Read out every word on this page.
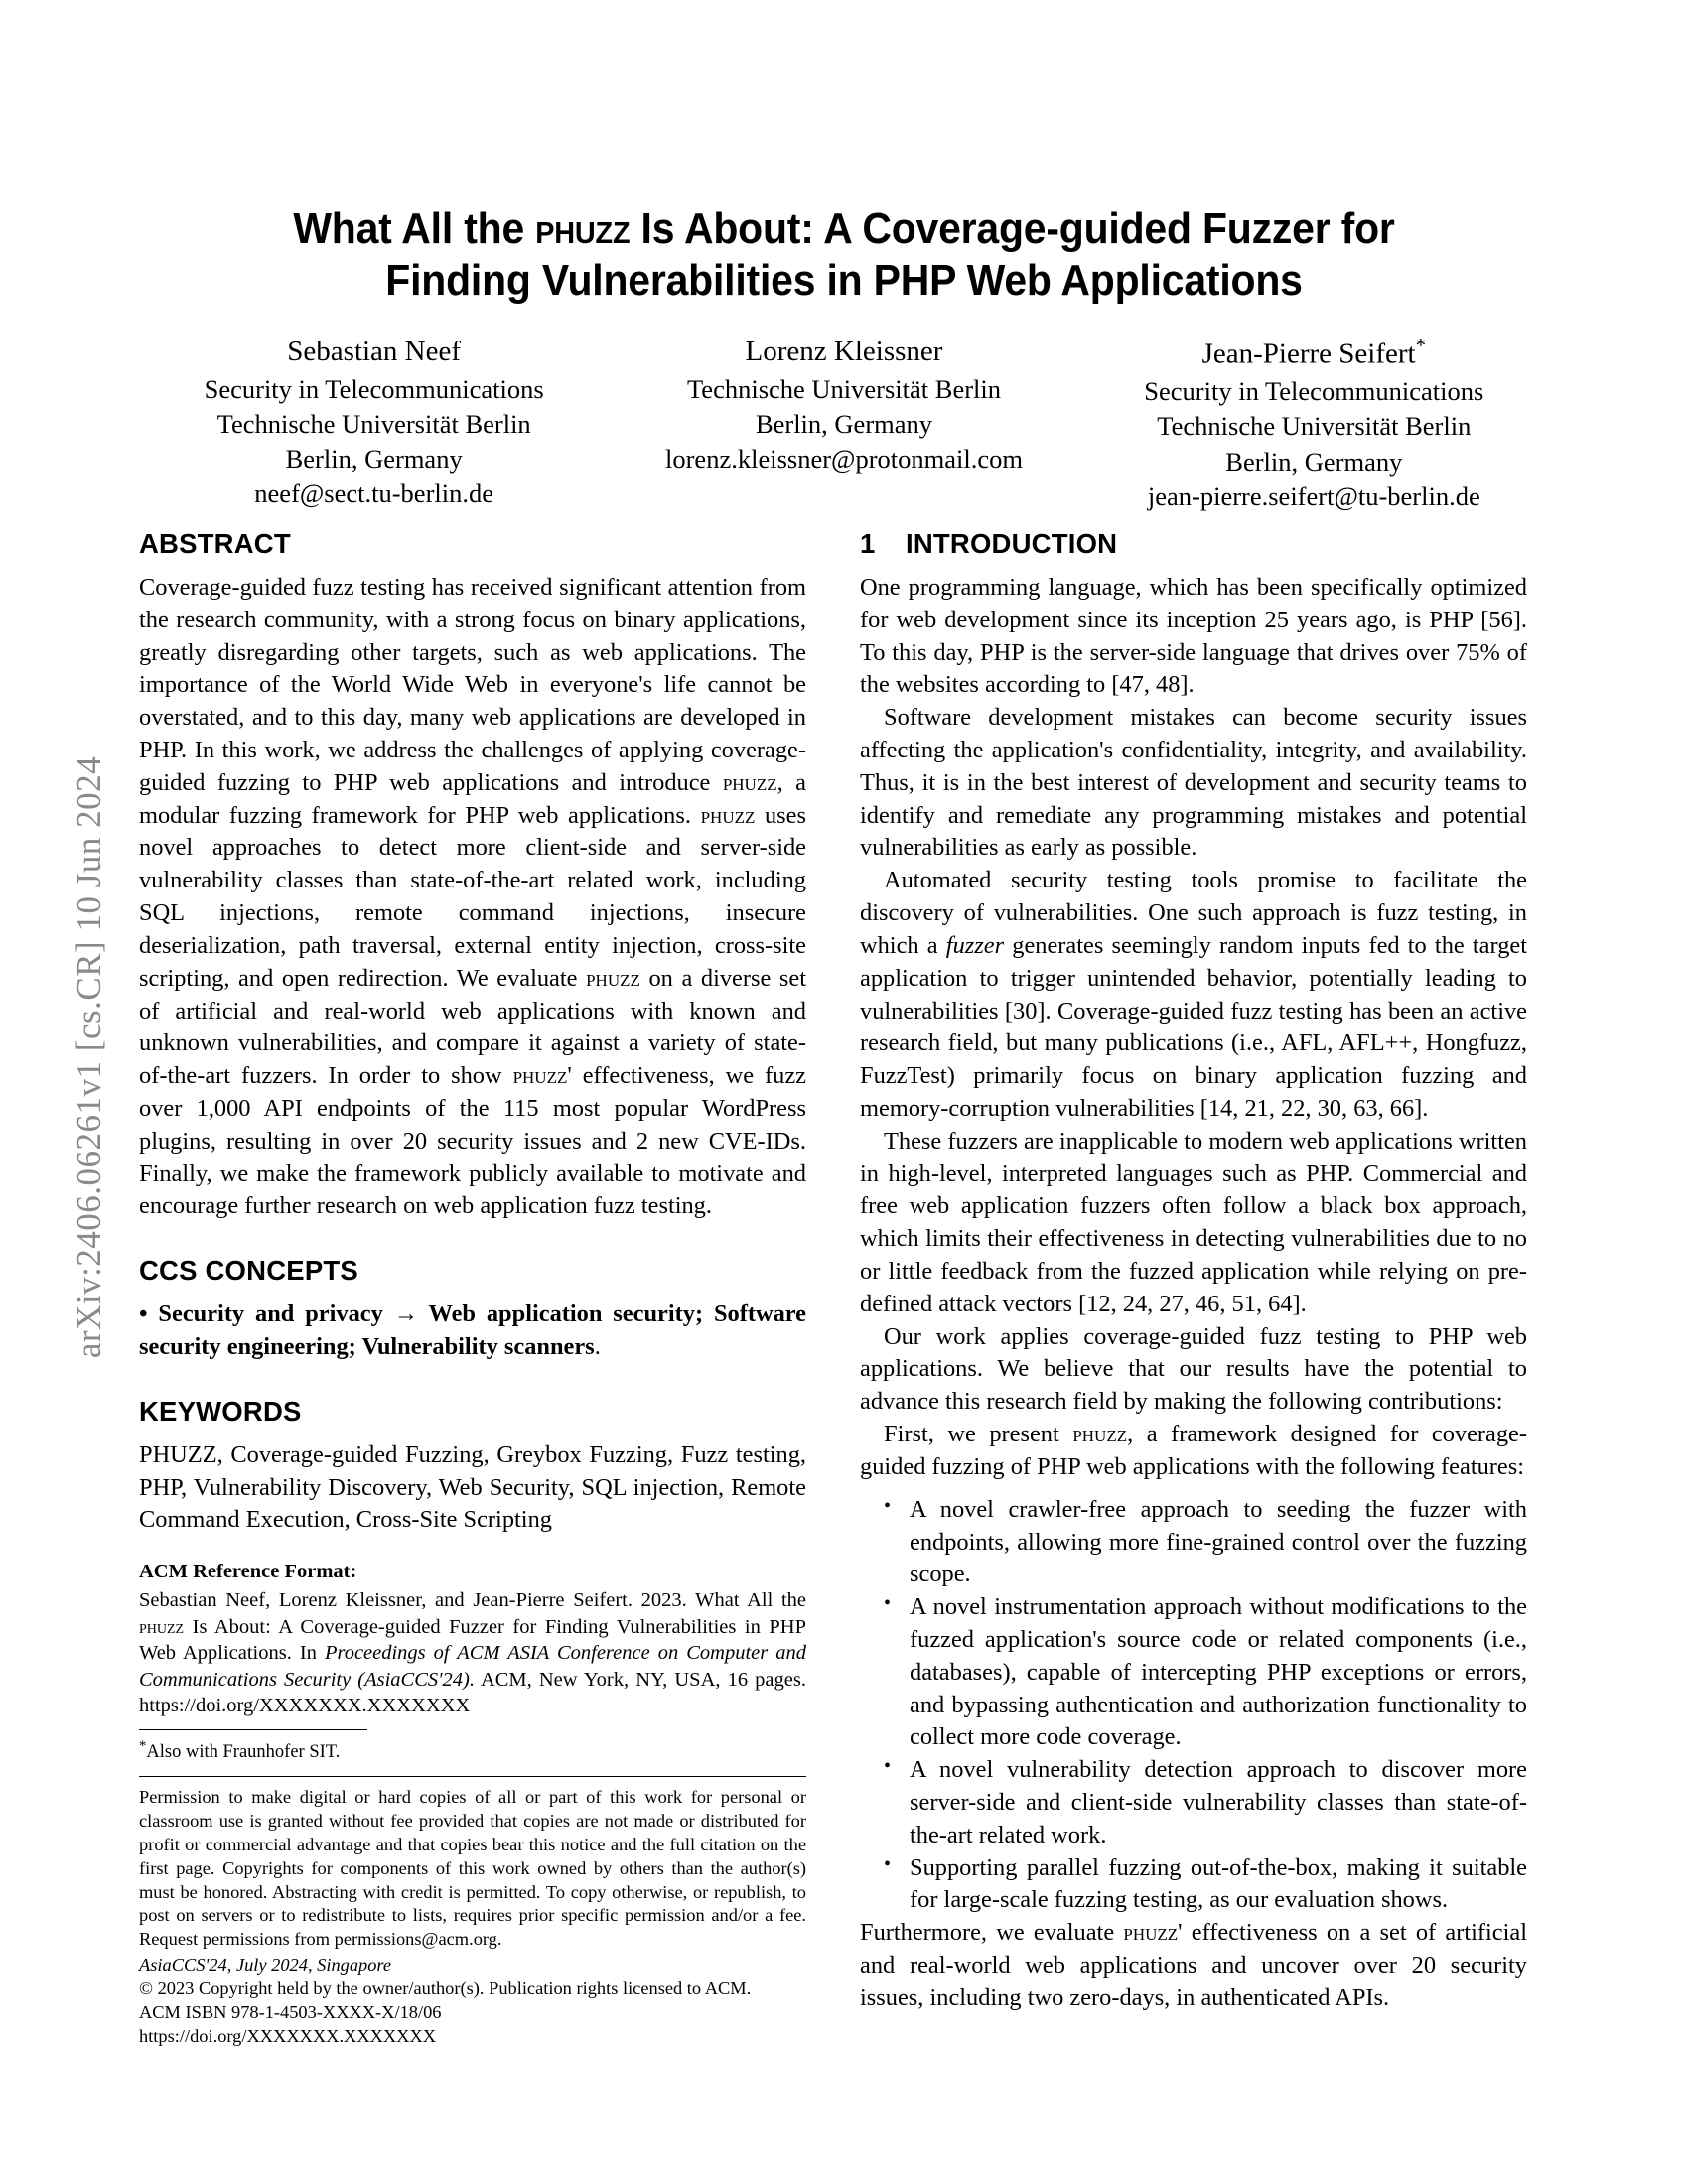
arXiv:2406.06261v1 [cs.CR] 10 Jun 2024
What All the phuzz Is About: A Coverage-guided Fuzzer for
Finding Vulnerabilities in PHP Web Applications
Sebastian Neef
Security in Telecommunications
Technische Universität Berlin
Berlin, Germany
neef@sect.tu-berlin.de
Lorenz Kleissner
Technische Universität Berlin
Berlin, Germany
lorenz.kleissner@protonmail.com
Jean-Pierre Seifert*
Security in Telecommunications
Technische Universität Berlin
Berlin, Germany
jean-pierre.seifert@tu-berlin.de
ABSTRACT

Coverage-guided fuzz testing has received significant attention from the research community, with a strong focus on binary applications, greatly disregarding other targets, such as web applications. The importance of the World Wide Web in everyone's life cannot be overstated, and to this day, many web applications are developed in PHP. In this work, we address the challenges of applying coverage-guided fuzzing to PHP web applications and introduce phuzz, a modular fuzzing framework for PHP web applications. phuzz uses novel approaches to detect more client-side and server-side vulnerability classes than state-of-the-art related work, including SQL injections, remote command injections, insecure deserialization, path traversal, external entity injection, cross-site scripting, and open redirection. We evaluate phuzz on a diverse set of artificial and real-world web applications with known and unknown vulnerabilities, and compare it against a variety of state-of-the-art fuzzers. In order to show phuzz' effectiveness, we fuzz over 1,000 API endpoints of the 115 most popular WordPress plugins, resulting in over 20 security issues and 2 new CVE-IDs. Finally, we make the framework publicly available to motivate and encourage further research on web application fuzz testing.

CCS CONCEPTS

• Security and privacy → Web application security; Software security engineering; Vulnerability scanners.

KEYWORDS

PHUZZ, Coverage-guided Fuzzing, Greybox Fuzzing, Fuzz testing, PHP, Vulnerability Discovery, Web Security, SQL injection, Remote Command Execution, Cross-Site Scripting

ACM Reference Format:
Sebastian Neef, Lorenz Kleissner, and Jean-Pierre Seifert. 2023. What All the phuzz Is About: A Coverage-guided Fuzzer for Finding Vulnerabilities in PHP Web Applications. In Proceedings of ACM ASIA Conference on Computer and Communications Security (AsiaCCS'24). ACM, New York, NY, USA, 16 pages. https://doi.org/XXXXXXX.XXXXXXX

*Also with Fraunhofer SIT.

Permission to make digital or hard copies of all or part of this work for personal or classroom use is granted without fee provided that copies are not made or distributed for profit or commercial advantage and that copies bear this notice and the full citation on the first page. Copyrights for components of this work owned by others than the author(s) must be honored. Abstracting with credit is permitted. To copy otherwise, or republish, to post on servers or to redistribute to lists, requires prior specific permission and/or a fee. Request permissions from permissions@acm.org.
AsiaCCS'24, July 2024, Singapore
© 2023 Copyright held by the owner/author(s). Publication rights licensed to ACM.
ACM ISBN 978-1-4503-XXXX-X/18/06
https://doi.org/XXXXXXX.XXXXXXX

1 INTRODUCTION

One programming language, which has been specifically optimized for web development since its inception 25 years ago, is PHP [56]. To this day, PHP is the server-side language that drives over 75% of the websites according to [47, 48].

Software development mistakes can become security issues affecting the application's confidentiality, integrity, and availability. Thus, it is in the best interest of development and security teams to identify and remediate any programming mistakes and potential vulnerabilities as early as possible.

Automated security testing tools promise to facilitate the discovery of vulnerabilities. One such approach is fuzz testing, in which a fuzzer generates seemingly random inputs fed to the target application to trigger unintended behavior, potentially leading to vulnerabilities [30]. Coverage-guided fuzz testing has been an active research field, but many publications (i.e., AFL, AFL++, Hongfuzz, FuzzTest) primarily focus on binary application fuzzing and memory-corruption vulnerabilities [14, 21, 22, 30, 63, 66].

These fuzzers are inapplicable to modern web applications written in high-level, interpreted languages such as PHP. Commercial and free web application fuzzers often follow a black box approach, which limits their effectiveness in detecting vulnerabilities due to no or little feedback from the fuzzed application while relying on pre-defined attack vectors [12, 24, 27, 46, 51, 64].

Our work applies coverage-guided fuzz testing to PHP web applications. We believe that our results have the potential to advance this research field by making the following contributions:

First, we present phuzz, a framework designed for coverage-guided fuzzing of PHP web applications with the following features:

• A novel crawler-free approach to seeding the fuzzer with endpoints, allowing more fine-grained control over the fuzzing scope.
• A novel instrumentation approach without modifications to the fuzzed application's source code or related components (i.e., databases), capable of intercepting PHP exceptions or errors, and bypassing authentication and authorization functionality to collect more code coverage.
• A novel vulnerability detection approach to discover more server-side and client-side vulnerability classes than state-of-the-art related work.
• Supporting parallel fuzzing out-of-the-box, making it suitable for large-scale fuzzing testing, as our evaluation shows.

Furthermore, we evaluate phuzz' effectiveness on a set of artificial and real-world web applications and uncover over 20 security issues, including two zero-days, in authenticated APIs.
